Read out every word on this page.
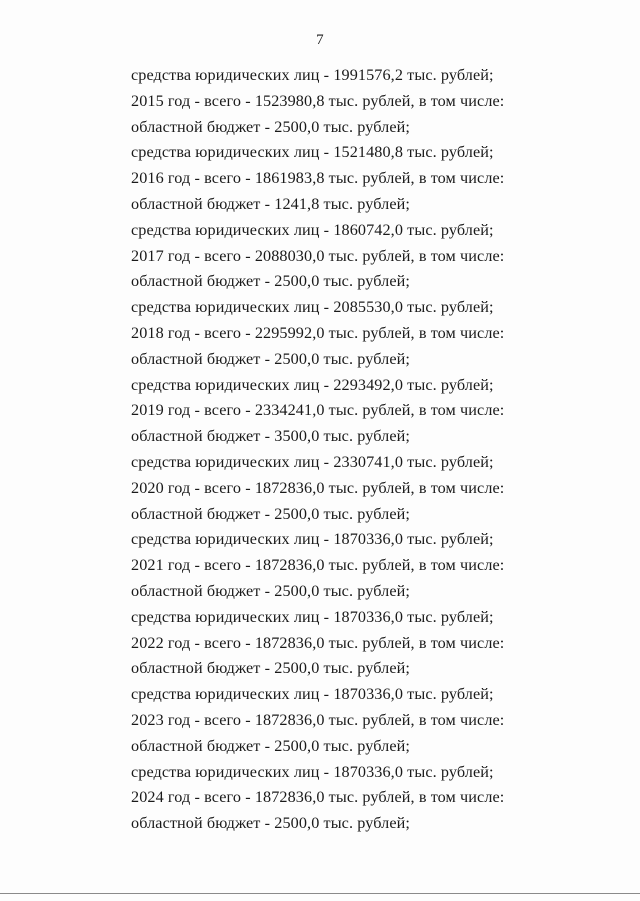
7
средства юридических лиц - 1991576,2 тыс. рублей;
2015 год - всего - 1523980,8 тыс. рублей, в том числе:
областной бюджет - 2500,0 тыс. рублей;
средства юридических лиц - 1521480,8 тыс. рублей;
2016 год - всего - 1861983,8 тыс. рублей, в том числе:
областной бюджет - 1241,8 тыс. рублей;
средства юридических лиц - 1860742,0 тыс. рублей;
2017 год - всего - 2088030,0 тыс. рублей, в том числе:
областной бюджет - 2500,0 тыс. рублей;
средства юридических лиц - 2085530,0 тыс. рублей;
2018 год - всего - 2295992,0 тыс. рублей, в том числе:
областной бюджет - 2500,0 тыс. рублей;
средства юридических лиц - 2293492,0 тыс. рублей;
2019 год - всего - 2334241,0 тыс. рублей, в том числе:
областной бюджет - 3500,0 тыс. рублей;
средства юридических лиц - 2330741,0 тыс. рублей;
2020 год - всего - 1872836,0 тыс. рублей, в том числе:
областной бюджет - 2500,0 тыс. рублей;
средства юридических лиц - 1870336,0 тыс. рублей;
2021 год - всего - 1872836,0 тыс. рублей, в том числе:
областной бюджет - 2500,0 тыс. рублей;
средства юридических лиц - 1870336,0 тыс. рублей;
2022 год - всего - 1872836,0 тыс. рублей, в том числе:
областной бюджет - 2500,0 тыс. рублей;
средства юридических лиц - 1870336,0 тыс. рублей;
2023 год - всего - 1872836,0 тыс. рублей, в том числе:
областной бюджет - 2500,0 тыс. рублей;
средства юридических лиц - 1870336,0 тыс. рублей;
2024 год - всего - 1872836,0 тыс. рублей, в том числе:
областной бюджет - 2500,0 тыс. рублей;
